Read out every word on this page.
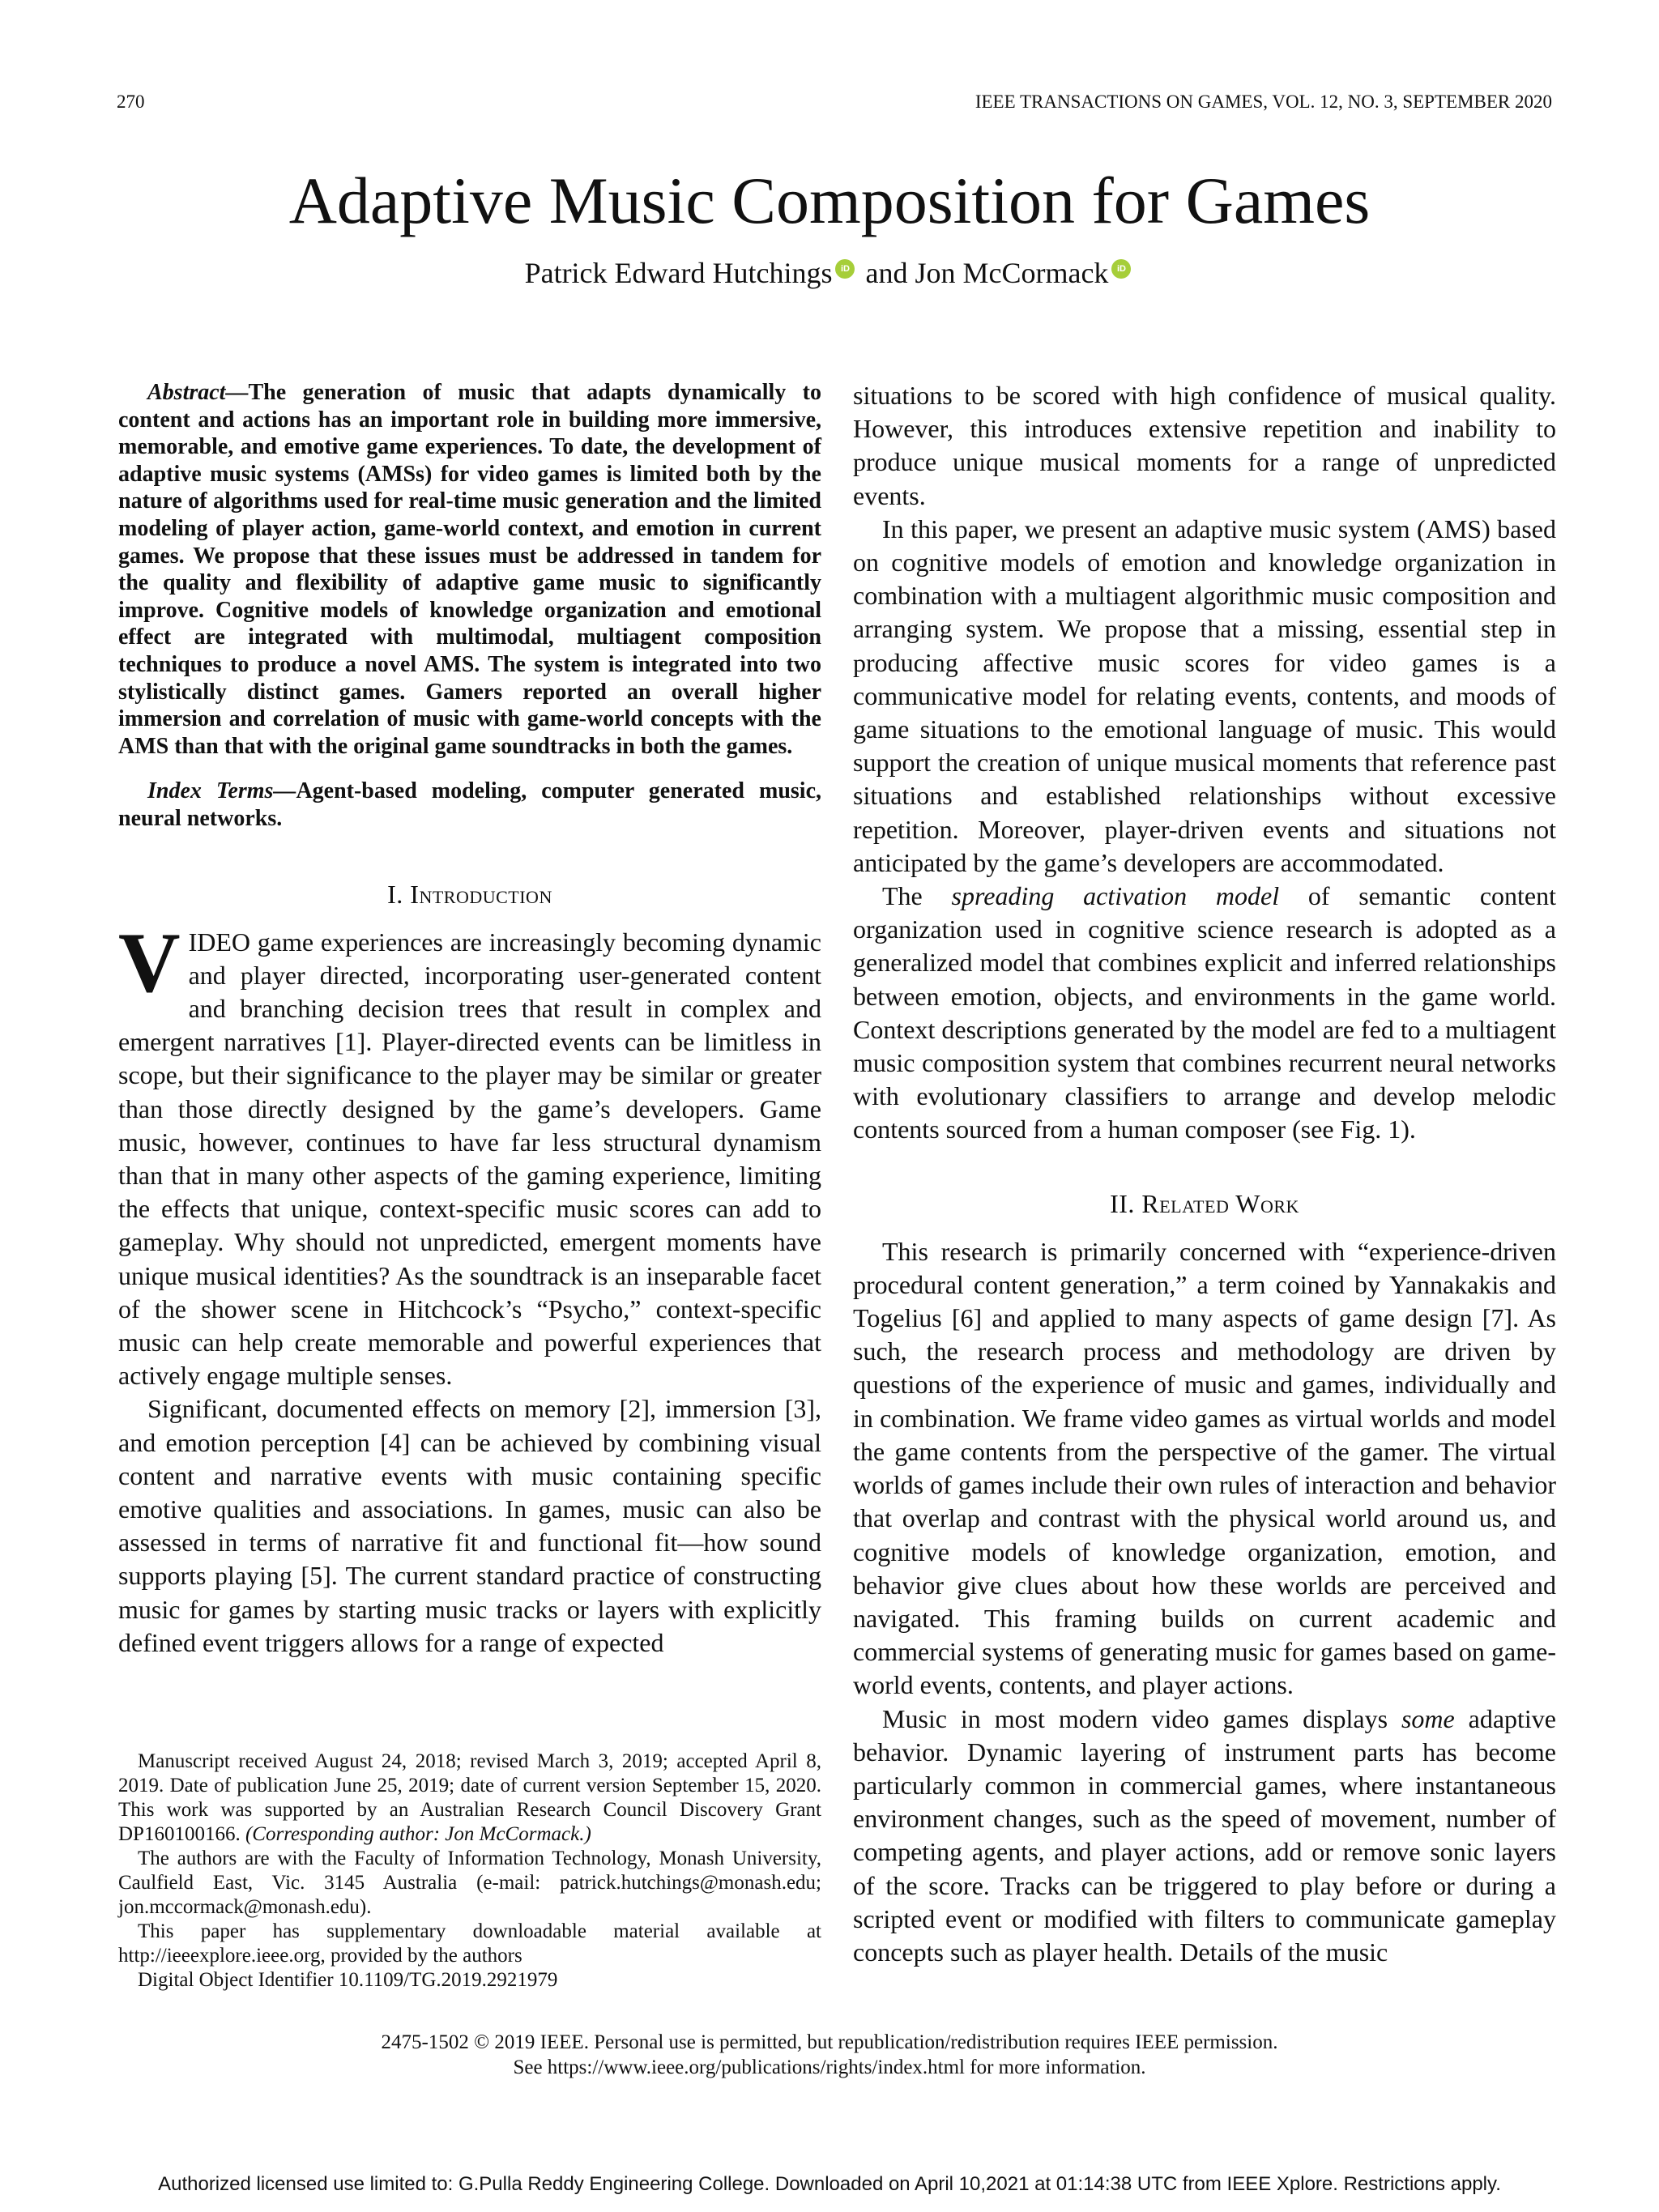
270	IEEE TRANSACTIONS ON GAMES, VOL. 12, NO. 3, SEPTEMBER 2020
Adaptive Music Composition for Games
Patrick Edward Hutchings iD and Jon McCormack iD

Abstract—The generation of music that adapts dynamically to content and actions has an important role in building more immersive, memorable, and emotive game experiences. To date, the development of adaptive music systems (AMSs) for video games is limited both by the nature of algorithms used for real-time music generation and the limited modeling of player action, game-world context, and emotion in current games. We propose that these issues must be addressed in tandem for the quality and flexibility of adaptive game music to significantly improve. Cognitive models of knowledge organization and emotional effect are integrated with multimodal, multiagent composition techniques to produce a novel AMS. The system is integrated into two stylistically distinct games. Gamers reported an overall higher immersion and correlation of music with game-world concepts with the AMS than that with the original game soundtracks in both the games.

Index Terms—Agent-based modeling, computer generated music, neural networks.

I. Introduction

VIDEO game experiences are increasingly becoming dynamic and player directed, incorporating user-generated content and branching decision trees that result in complex and emergent narratives [1]. Player-directed events can be limitless in scope, but their significance to the player may be similar or greater than those directly designed by the game’s developers. Game music, however, continues to have far less structural dynamism than that in many other aspects of the gaming experience, limiting the effects that unique, context-specific music scores can add to gameplay. Why should not unpredicted, emergent moments have unique musical identities? As the soundtrack is an inseparable facet of the shower scene in Hitchcock’s “Psycho,” context-specific music can help create memorable and powerful experiences that actively engage multiple senses.

Significant, documented effects on memory [2], immersion [3], and emotion perception [4] can be achieved by combining visual content and narrative events with music containing specific emotive qualities and associations. In games, music can also be assessed in terms of narrative fit and functional fit—how sound supports playing [5]. The current standard practice of constructing music for games by starting music tracks or layers with explicitly defined event triggers allows for a range of expected

situations to be scored with high confidence of musical quality. However, this introduces extensive repetition and inability to produce unique musical moments for a range of unpredicted events.

In this paper, we present an adaptive music system (AMS) based on cognitive models of emotion and knowledge organization in combination with a multiagent algorithmic music composition and arranging system. We propose that a missing, essential step in producing affective music scores for video games is a communicative model for relating events, contents, and moods of game situations to the emotional language of music. This would support the creation of unique musical moments that reference past situations and established relationships without excessive repetition. Moreover, player-driven events and situations not anticipated by the game’s developers are accommodated.

The spreading activation model of semantic content organization used in cognitive science research is adopted as a generalized model that combines explicit and inferred relationships between emotion, objects, and environments in the game world. Context descriptions generated by the model are fed to a multiagent music composition system that combines recurrent neural networks with evolutionary classifiers to arrange and develop melodic contents sourced from a human composer (see Fig. 1).

II. Related Work

This research is primarily concerned with “experience-driven procedural content generation,” a term coined by Yannakakis and Togelius [6] and applied to many aspects of game design [7]. As such, the research process and methodology are driven by questions of the experience of music and games, individually and in combination. We frame video games as virtual worlds and model the game contents from the perspective of the gamer. The virtual worlds of games include their own rules of interaction and behavior that overlap and contrast with the physical world around us, and cognitive models of knowledge organization, emotion, and behavior give clues about how these worlds are perceived and navigated. This framing builds on current academic and commercial systems of generating music for games based on game-world events, contents, and player actions.

Music in most modern video games displays some adaptive behavior. Dynamic layering of instrument parts has become particularly common in commercial games, where instantaneous environment changes, such as the speed of movement, number of competing agents, and player actions, add or remove sonic layers of the score. Tracks can be triggered to play before or during a scripted event or modified with filters to communicate gameplay concepts such as player health. Details of the music

Manuscript received August 24, 2018; revised March 3, 2019; accepted April 8, 2019. Date of publication June 25, 2019; date of current version September 15, 2020. This work was supported by an Australian Research Council Discovery Grant DP160100166. (Corresponding author: Jon McCormack.)

The authors are with the Faculty of Information Technology, Monash University, Caulfield East, Vic. 3145 Australia (e-mail: patrick.hutchings@monash.edu; jon.mccormack@monash.edu).

This paper has supplementary downloadable material available at http://ieeexplore.ieee.org, provided by the authors

Digital Object Identifier 10.1109/TG.2019.2921979

2475-1502 © 2019 IEEE. Personal use is permitted, but republication/redistribution requires IEEE permission.
See https://www.ieee.org/publications/rights/index.html for more information.
Authorized licensed use limited to: G.Pulla Reddy Engineering College. Downloaded on April 10,2021 at 01:14:38 UTC from IEEE Xplore. Restrictions apply.
